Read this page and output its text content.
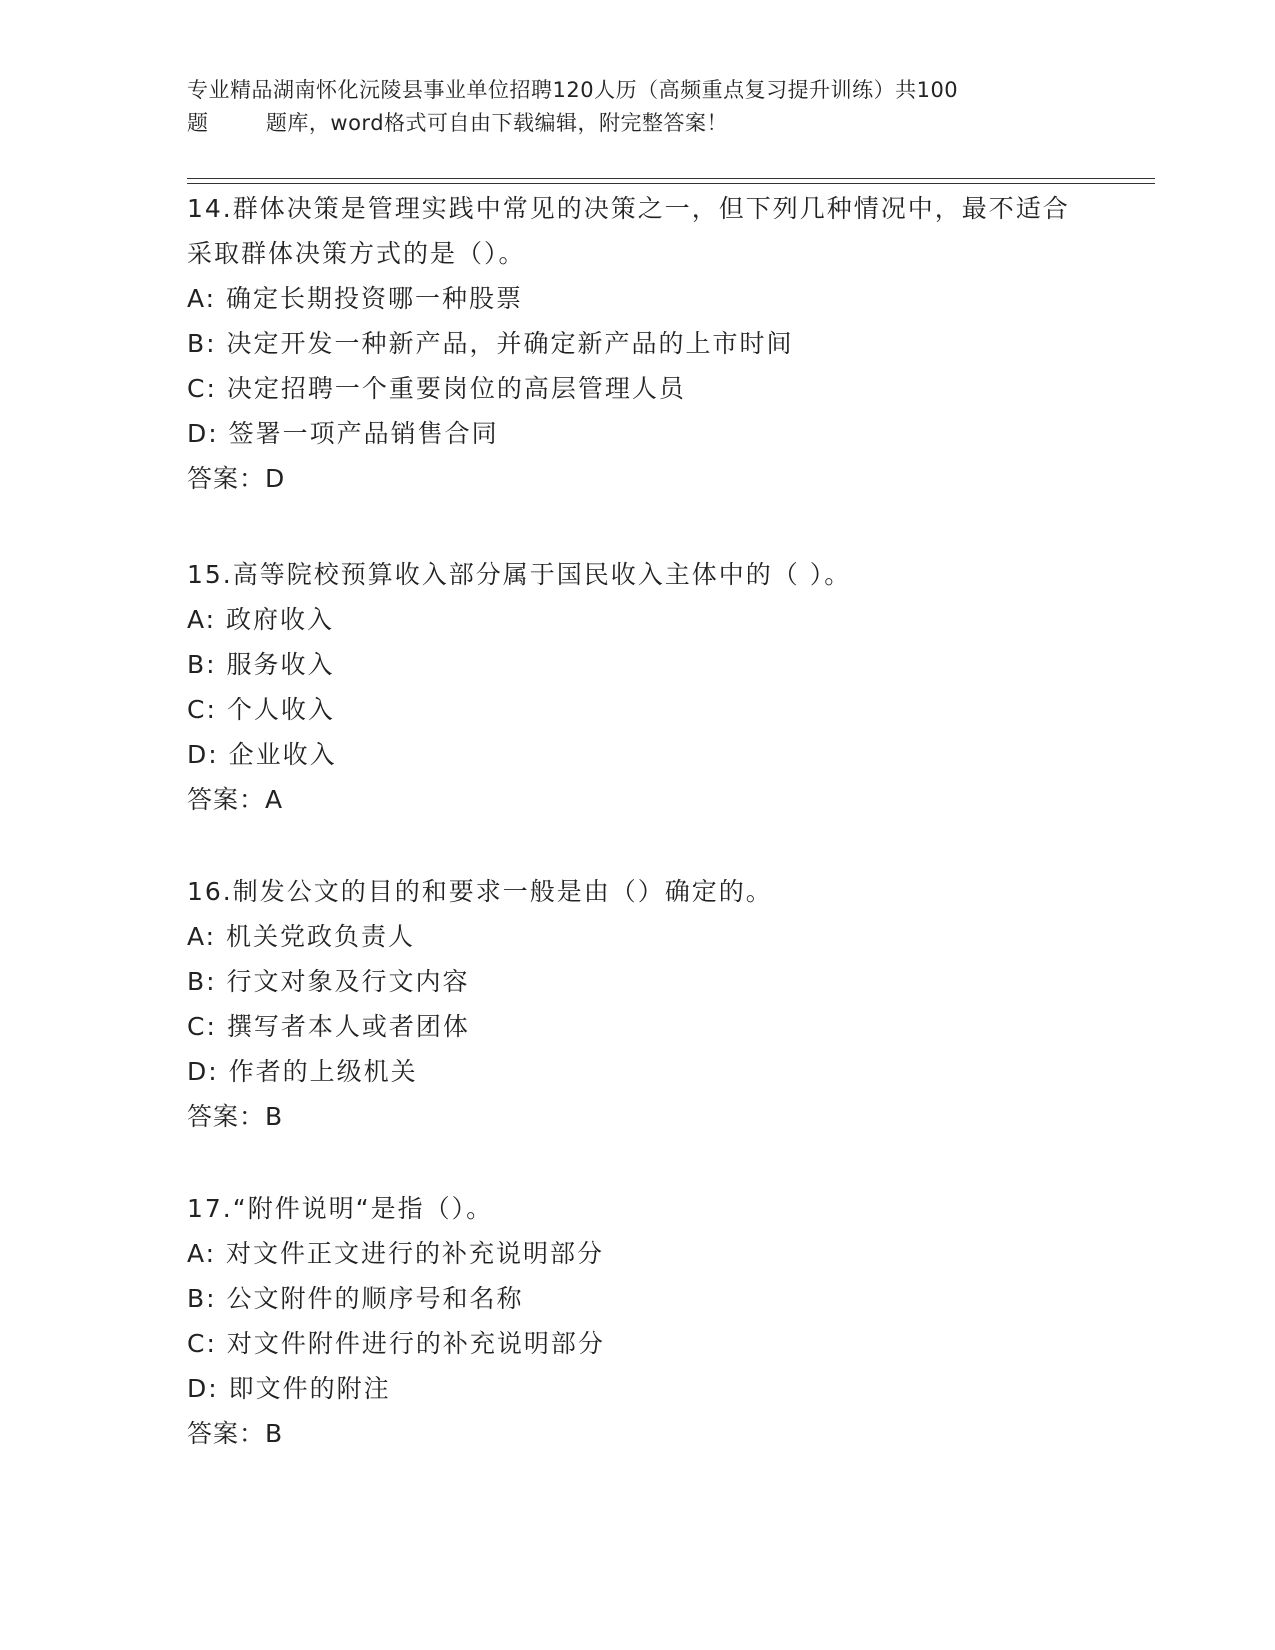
专业精品湖南怀化沅陵县事业单位招聘120人历（高频重点复习提升训练）共100
题        题库，word格式可自由下载编辑，附完整答案！
14.群体决策是管理实践中常见的决策之一，但下列几种情况中，最不适合采取群体决策方式的是（）。
A: 确定长期投资哪一种股票
B: 决定开发一种新产品，并确定新产品的上市时间
C: 决定招聘一个重要岗位的高层管理人员
D: 签署一项产品销售合同
答案：D
15.高等院校预算收入部分属于国民收入主体中的（ ）。
A: 政府收入
B: 服务收入
C: 个人收入
D: 企业收入
答案：A
16.制发公文的目的和要求一般是由（）确定的。
A: 机关党政负责人
B: 行文对象及行文内容
C: 撰写者本人或者团体
D: 作者的上级机关
答案：B
17.“附件说明“是指（）。
A: 对文件正文进行的补充说明部分
B: 公文附件的顺序号和名称
C: 对文件附件进行的补充说明部分
D: 即文件的附注
答案：B
